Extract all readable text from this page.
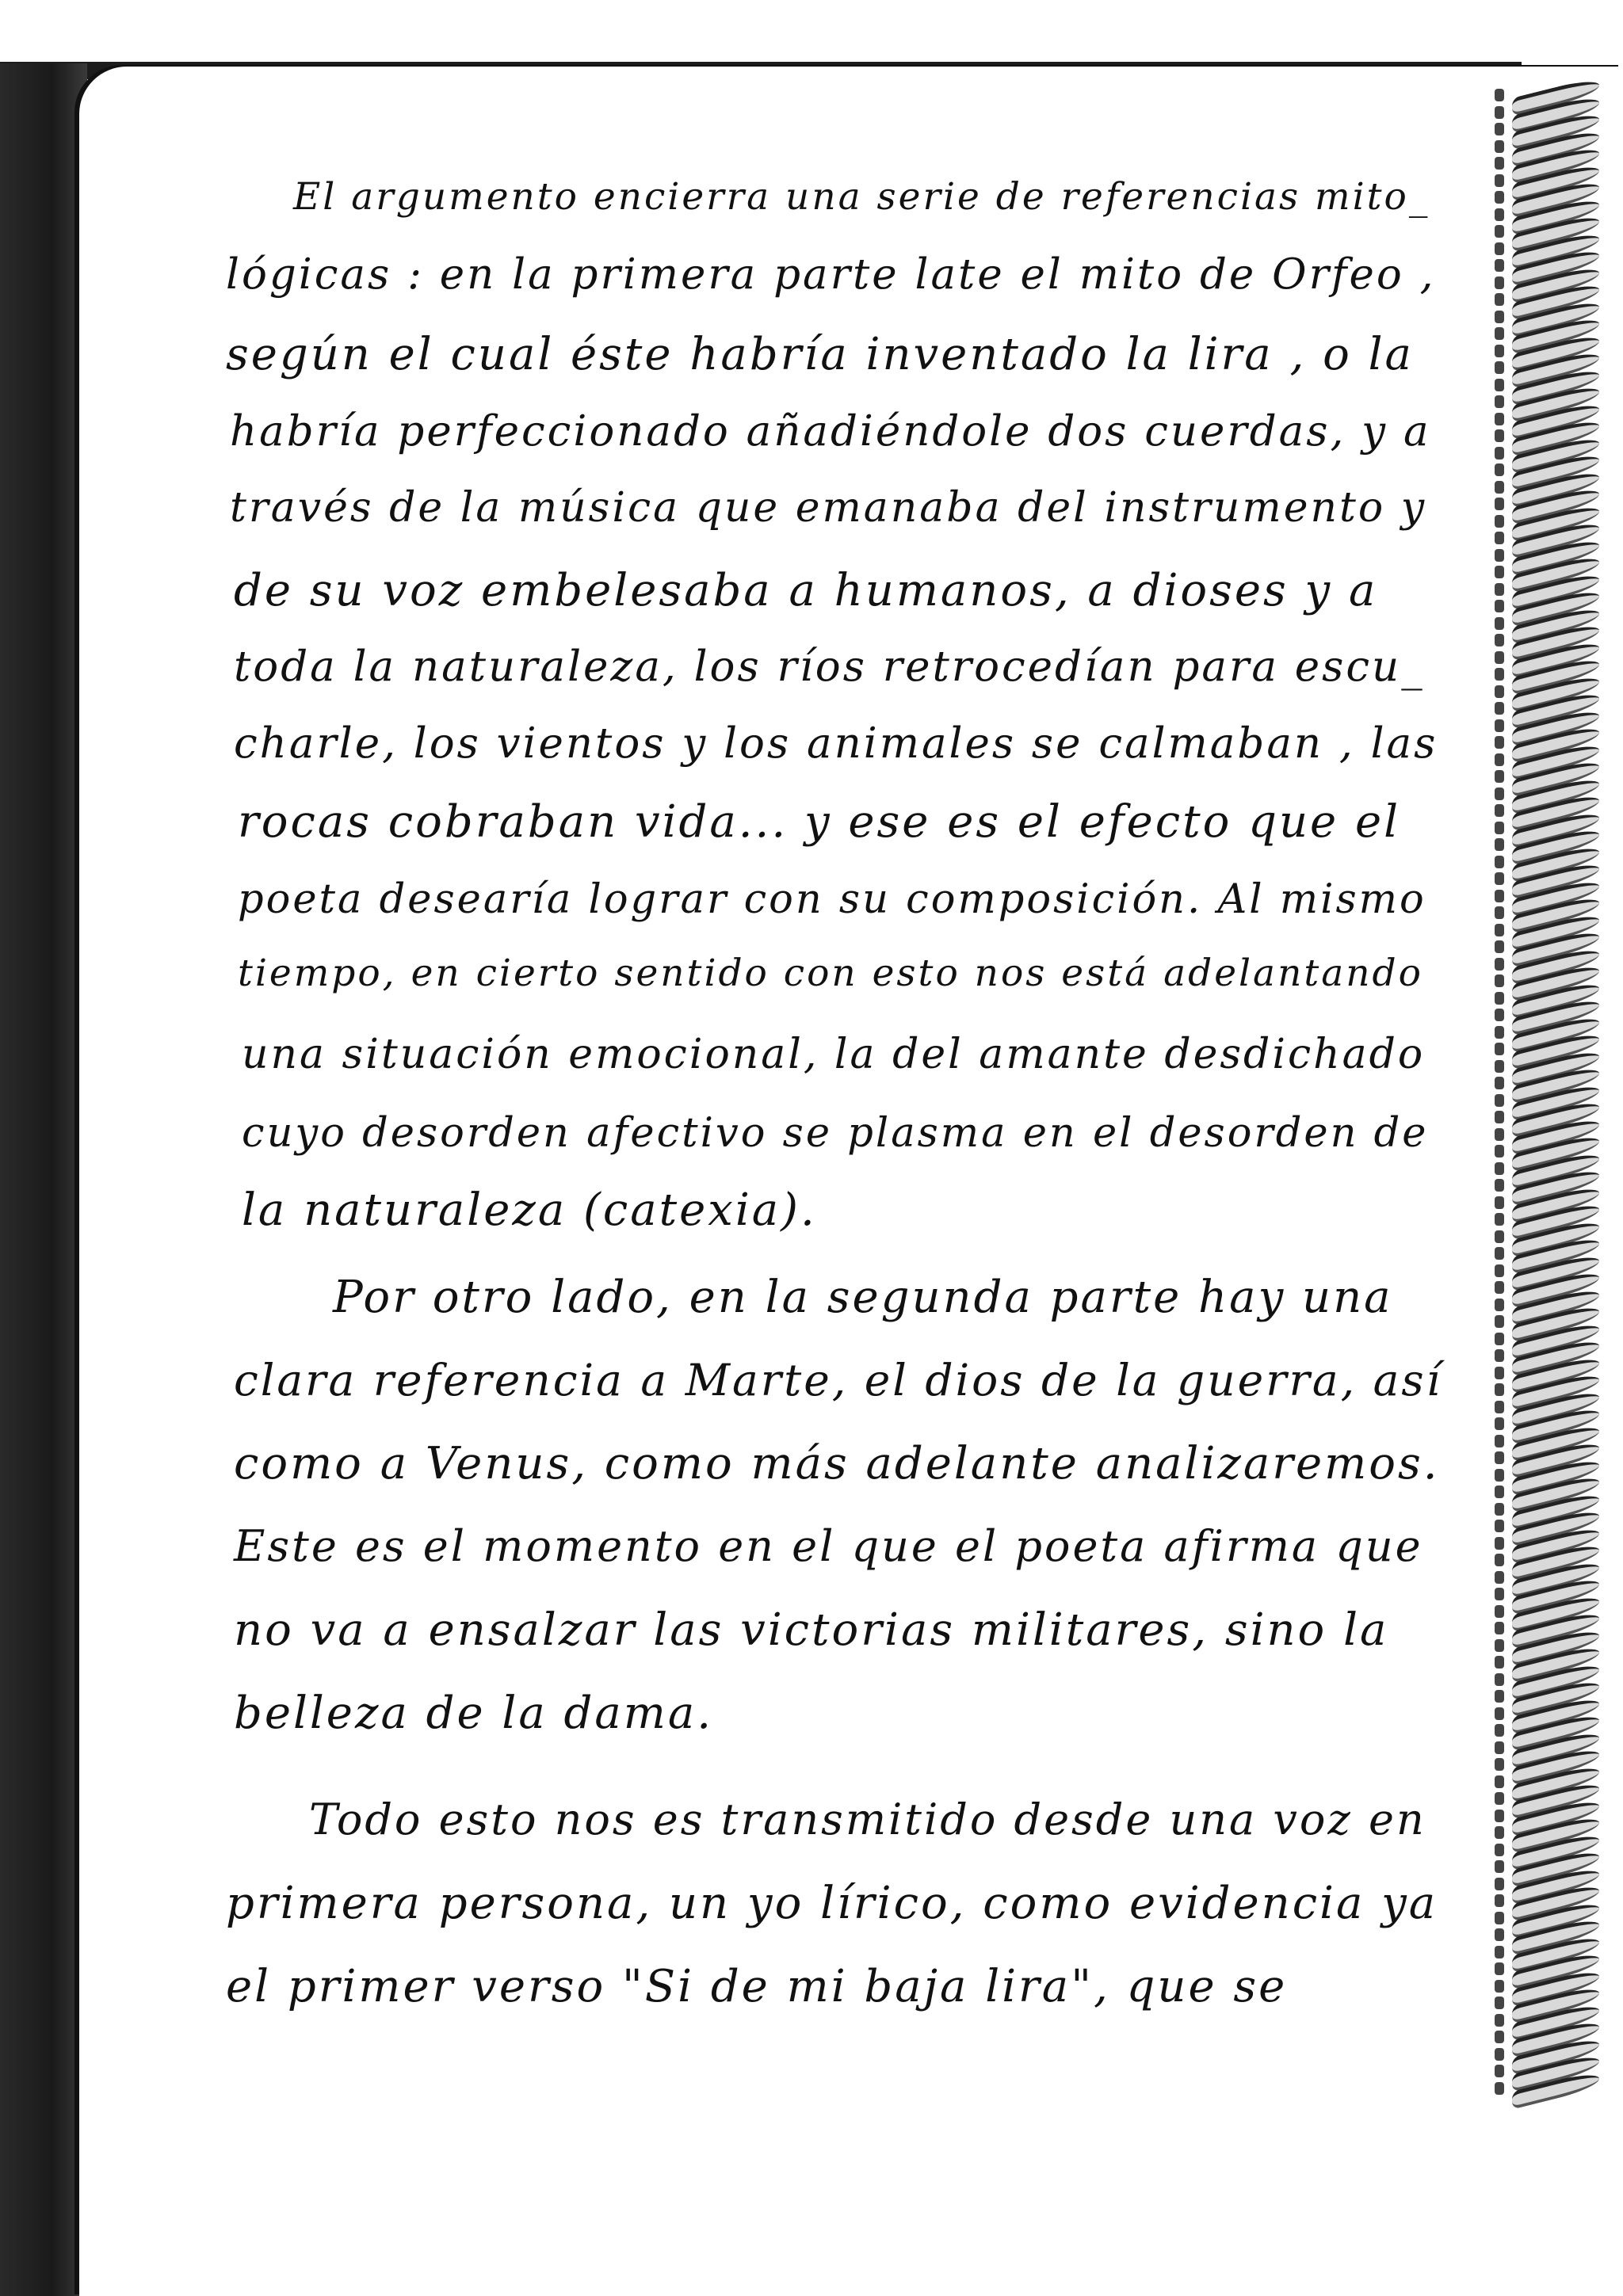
El argumento encierra una serie de referencias mito_
lógicas : en la primera parte late el mito de Orfeo ,
según el cual éste habría inventado la lira , o la
habría perfeccionado añadiéndole dos cuerdas, y a
través de la música que emanaba del instrumento y
de su voz embelesaba a humanos, a dioses y a
toda la naturaleza, los ríos retrocedían para escu_
charle, los vientos y los animales se calmaban , las
rocas cobraban vida... y ese es el efecto que el
poeta desearía lograr con su composición. Al mismo
tiempo, en cierto sentido con esto nos está adelantando
una situación emocional, la del amante desdichado
cuyo desorden afectivo se plasma en el desorden de
la naturaleza (catexia).
Por otro lado, en la segunda parte hay una
clara referencia a Marte, el dios de la guerra, así
como a Venus, como más adelante analizaremos.
Este es el momento en el que el poeta afirma que
no va a ensalzar las victorias militares, sino la
belleza de la dama.
Todo esto nos es transmitido desde una voz en
primera persona, un yo lírico, como evidencia ya
el primer verso "Si de mi baja lira", que se
